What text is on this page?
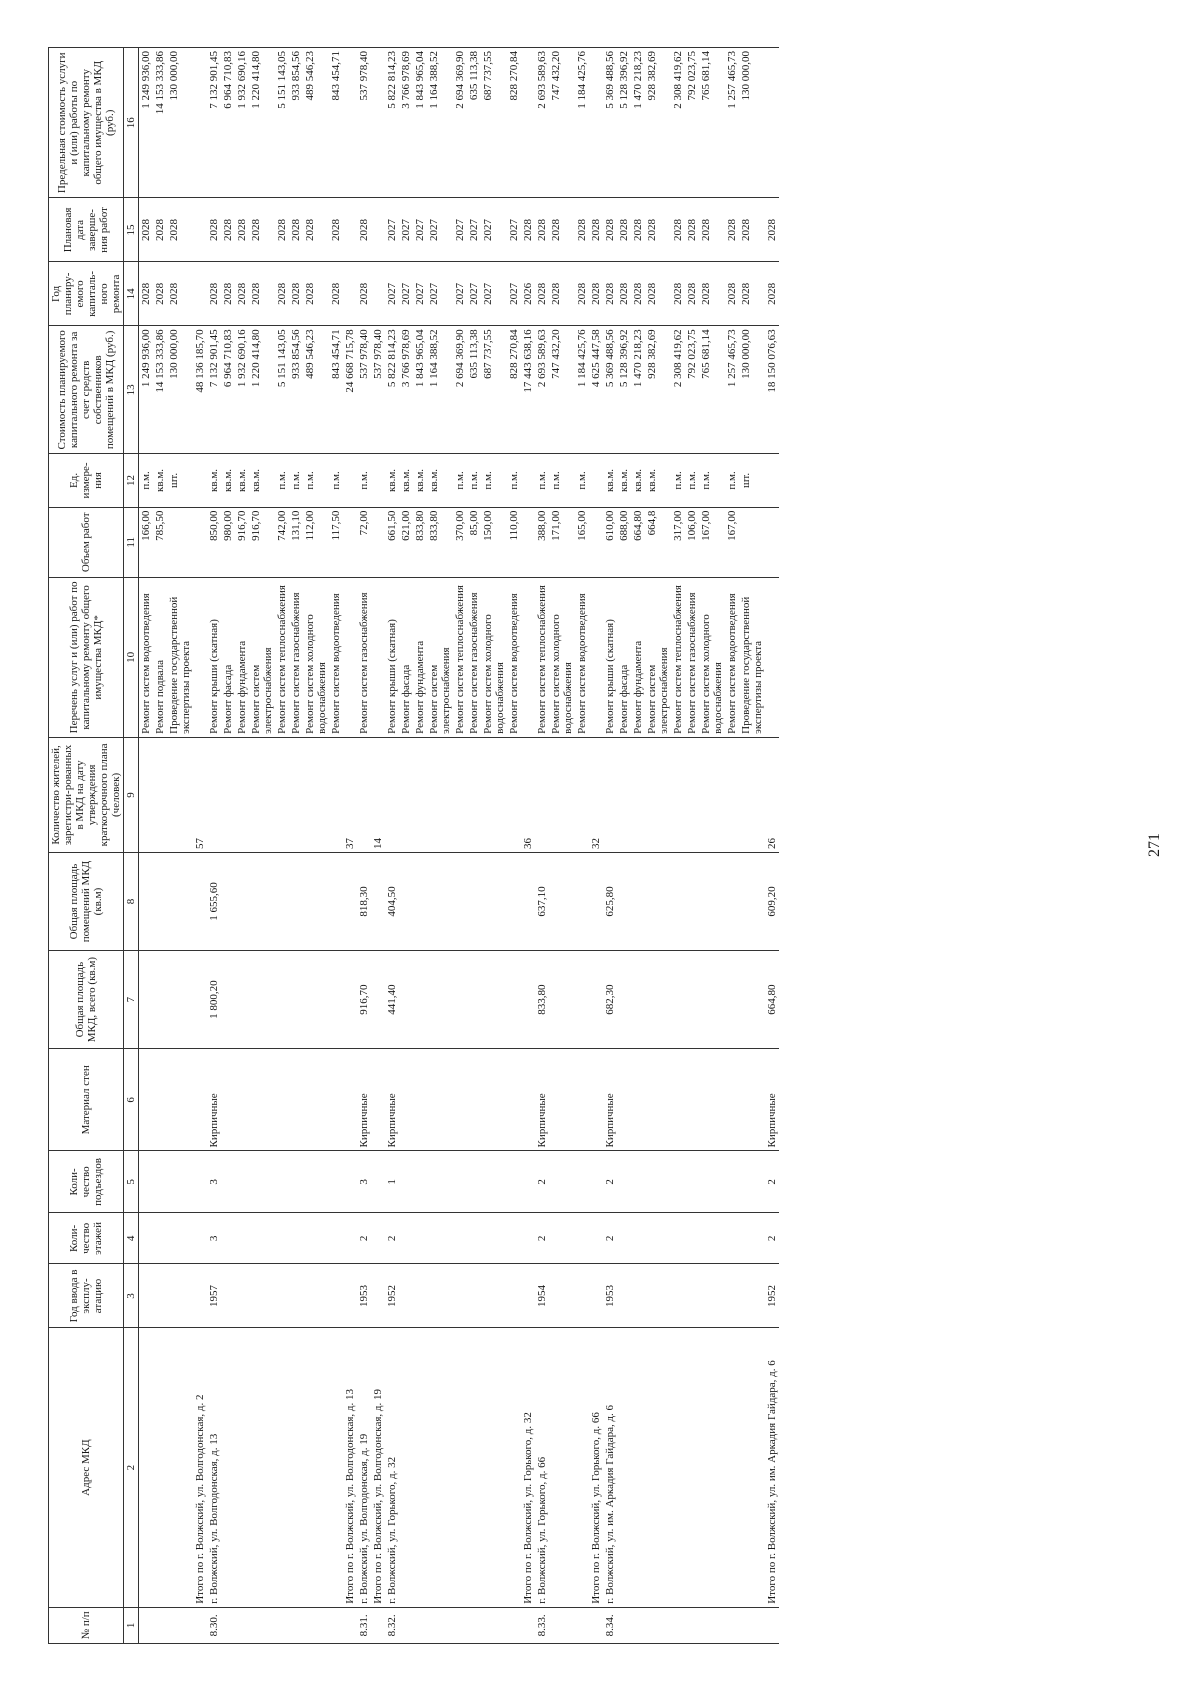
271
№ п/п	Адрес МКД	Год ввода в эксплу-атацию	Коли-чество этажей	Коли-чество подъездов	Материал стен	Общая площадь МКД, всего (кв.м)	Общая площадь помещений МКД (кв.м)	Количество жителей, зарегистри-рованных в МКД на дату утверждения краткосрочного плана (человек)	Перечень услуг и (или) работ по капитальному ремонту общего имущества МКД*	Объем работ	Ед. измере-ния	Стоимость планируемого капитального ремонта за счет средств собственников помещений в МКД (руб.)	Год планиру-емого капиталь-ного ремонта	Плановая дата заверше-ния работ	Предельная стоимость услуги и (или) работы по капитальному ремонту общего имущества в МКД (руб.)
1	2	3	4	5	6	7	8	9	10	11	12	13	14	15	16
									Ремонт систем водоотведения	166,00	п.м.	1 249 936,00	2028	2028	1 249 936,00
									Ремонт подвала	785,50	кв.м.	14 153 333,86	2028	2028	14 153 333,86
									Проведение государственной экспертизы проекта		шт.	130 000,00	2028	2028	130 000,00
	Итого по г. Волжский, ул. Волгодонская, д. 2							57				48 136 185,70			
8.30.	г. Волжский, ул. Волгодонская, д. 13	1957	3	3	Кирпичные	1 800,20	1 655,60		Ремонт крыши (скатная)	850,00	кв.м.	7 132 901,45	2028	2028	7 132 901,45
									Ремонт фасада	980,00	кв.м.	6 964 710,83	2028	2028	6 964 710,83
									Ремонт фундамента	916,70	кв.м.	1 932 690,16	2028	2028	1 932 690,16
									Ремонт систем электроснабжения	916,70	кв.м.	1 220 414,80	2028	2028	1 220 414,80
									Ремонт систем теплоснабжения	742,00	п.м.	5 151 143,05	2028	2028	5 151 143,05
									Ремонт систем газоснабжения	131,10	п.м.	933 854,56	2028	2028	933 854,56
									Ремонт систем холодного водоснабжения	112,00	п.м.	489 546,23	2028	2028	489 546,23
									Ремонт систем водоотведения	117,50	п.м.	843 454,71	2028	2028	843 454,71
	Итого по г. Волжский, ул. Волгодонская, д. 13							37				24 668 715,78			
8.31.	г. Волжский, ул. Волгодонская, д. 19	1953	2	3	Кирпичные	916,70	818,30		Ремонт систем газоснабжения	72,00	п.м.	537 978,40	2028	2028	537 978,40
	Итого по г. Волжский, ул. Волгодонская, д. 19							14				537 978,40			
8.32.	г. Волжский, ул. Горького, д. 32	1952	2	1	Кирпичные	441,40	404,50		Ремонт крыши (скатная)	661,50	кв.м.	5 822 814,23	2027	2027	5 822 814,23
									Ремонт фасада	621,00	кв.м.	3 766 978,69	2027	2027	3 766 978,69
									Ремонт фундамента	833,80	кв.м.	1 843 965,04	2027	2027	1 843 965,04
									Ремонт систем электроснабжения	833,80	кв.м.	1 164 388,52	2027	2027	1 164 388,52
									Ремонт систем теплоснабжения	370,00	п.м.	2 694 369,90	2027	2027	2 694 369,90
									Ремонт систем газоснабжения	85,00	п.м.	635 113,38	2027	2027	635 113,38
									Ремонт систем холодного водоснабжения	150,00	п.м.	687 737,55	2027	2027	687 737,55
									Ремонт систем водоотведения	110,00	п.м.	828 270,84	2027	2027	828 270,84
	Итого по г. Волжский, ул. Горького, д. 32							36				17 443 638,16	2026	2028	
8.33.	г. Волжский, ул. Горького, д. 66	1954	2	2	Кирпичные	833,80	637,10		Ремонт систем теплоснабжения	388,00	п.м.	2 693 589,63	2028	2028	2 693 589,63
									Ремонт систем холодного водоснабжения	171,00	п.м.	747 432,20	2028	2028	747 432,20
									Ремонт систем водоотведения	165,00	п.м.	1 184 425,76	2028	2028	1 184 425,76
	Итого по г. Волжский, ул. Горького, д. 66							32				4 625 447,58	2028	2028	
8.34.	г. Волжский, ул. им. Аркадия Гайдара, д. 6	1953	2	2	Кирпичные	682,30	625,80		Ремонт крыши (скатная)	610,00	кв.м.	5 369 488,56	2028	2028	5 369 488,56
									Ремонт фасада	688,00	кв.м.	5 128 396,92	2028	2028	5 128 396,92
									Ремонт фундамента	664,80	кв.м.	1 470 218,23	2028	2028	1 470 218,23
									Ремонт систем электроснабжения	664,8	кв.м.	928 382,69	2028	2028	928 382,69
									Ремонт систем теплоснабжения	317,00	п.м.	2 308 419,62	2028	2028	2 308 419,62
									Ремонт систем газоснабжения	106,00	п.м.	792 023,75	2028	2028	792 023,75
									Ремонт систем холодного водоснабжения	167,00	п.м.	765 681,14	2028	2028	765 681,14
									Ремонт систем водоотведения	167,00	п.м.	1 257 465,73	2028	2028	1 257 465,73
									Проведение государственной экспертизы проекта		шт.	130 000,00	2028	2028	130 000,00
	Итого по г. Волжский, ул. им. Аркадия Гайдара, д. 6	1952	2	2	Кирпичные	664,80	609,20	26				18 150 076,63	2028	2028	
